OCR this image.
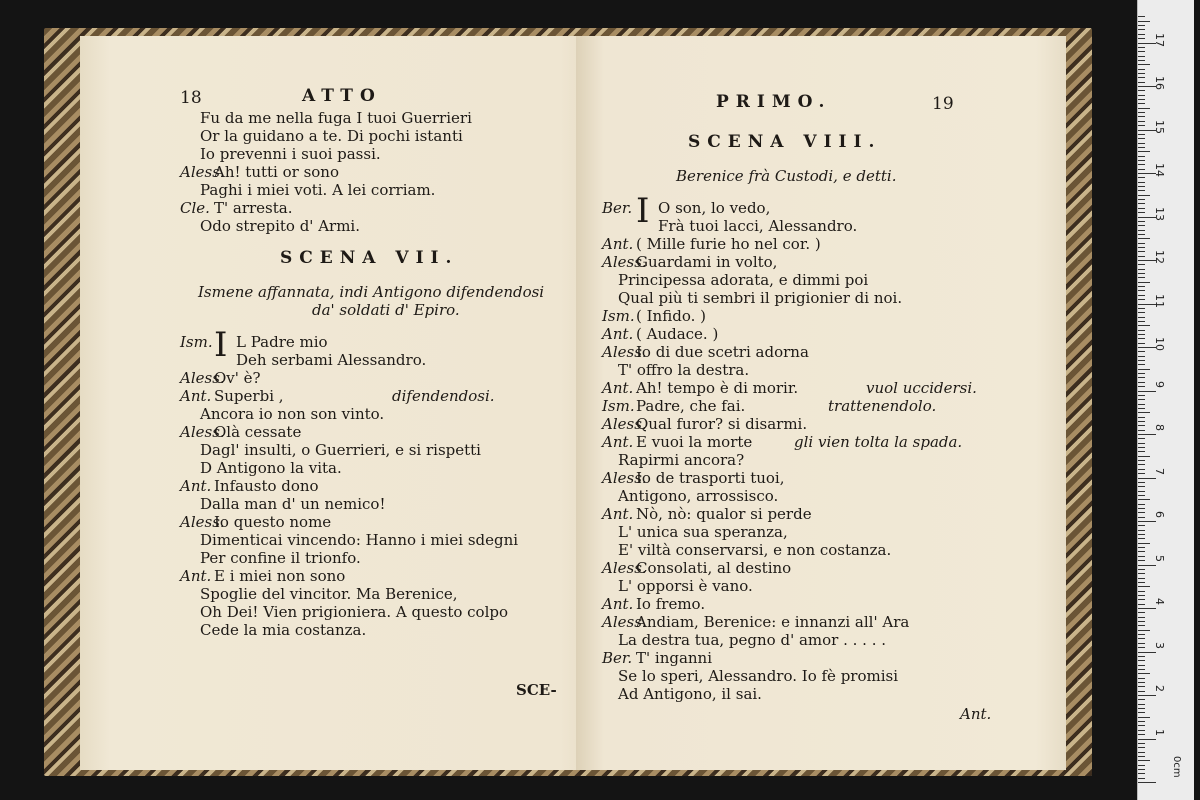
18	ATTO
Fu da me nella fuga I tuoi Guerrieri
Or la guidano a te. Di pochi istanti
Io prevenni i suoi passi.
Aless.Ah! tutti or sono
Paghi i miei voti. A lei corriam.
Cle. T' arresta.
Odo strepito d' Armi.
SCENA VII.
Ismene affannata, indi Antigono difendendosi
da' soldati d' Epiro.
Ism. I L Padre mio
Deh serbami Alessandro.
Aless.Ov' è?
Ant. Superbi ,	difendendosi.
Ancora io non son vinto.
Aless.Olà cessate
Dagl' insulti, o Guerrieri, e si rispetti
D Antigono la vita.
Ant. Infausto dono
Dalla man d' un nemico!
Aless.Io questo nome
Dimenticai vincendo: Hanno i miei sdegni
Per confine il trionfo.
Ant. E i miei non sono
Spoglie del vincitor. Ma Berenice,
Oh Dei! Vien prigioniera. A questo colpo
Cede la mia costanza.
SCE-
PRIMO.	19
SCENA VIII.
Berenice frà Custodi, e detti.
Ber. I O son, lo vedo,
Frà tuoi lacci, Alessandro.
Ant. ( Mille furie ho nel cor. )
Aless.Guardami in volto,
Principessa adorata, e dimmi poi
Qual più ti sembri il prigionier di noi.
Ism.( Infido. )
Ant. ( Audace. )
Aless.Io di due scetri adorna
T' offro la destra.
Ant. Ah! tempo è di morir.	vuol uccidersi.
Ism.Padre, che fai.	trattenendolo.
Aless.Qual furor? si disarmi.
Ant. E vuoi la morte	gli vien tolta la spada.
Rapirmi ancora?
Aless.Io de trasporti tuoi,
Antigono, arrossisco.
Ant. Nò, nò: qualor si perde
L' unica sua speranza,
E' viltà conservarsi, e non costanza.
Aless.Consolati, al destino
L' opporsi è vano.
Ant. Io fremo.
Aless.Andiam, Berenice: e innanzi all' Ara
La destra tua, pegno d' amor . . . . .
Ber. T' inganni
Se lo speri, Alessandro. Io fè promisi
Ad Antigono, il sai.
Ant.
0cm
1
2
3
4
5
6
7
8
9
10
11
12
13
14
15
16
17
